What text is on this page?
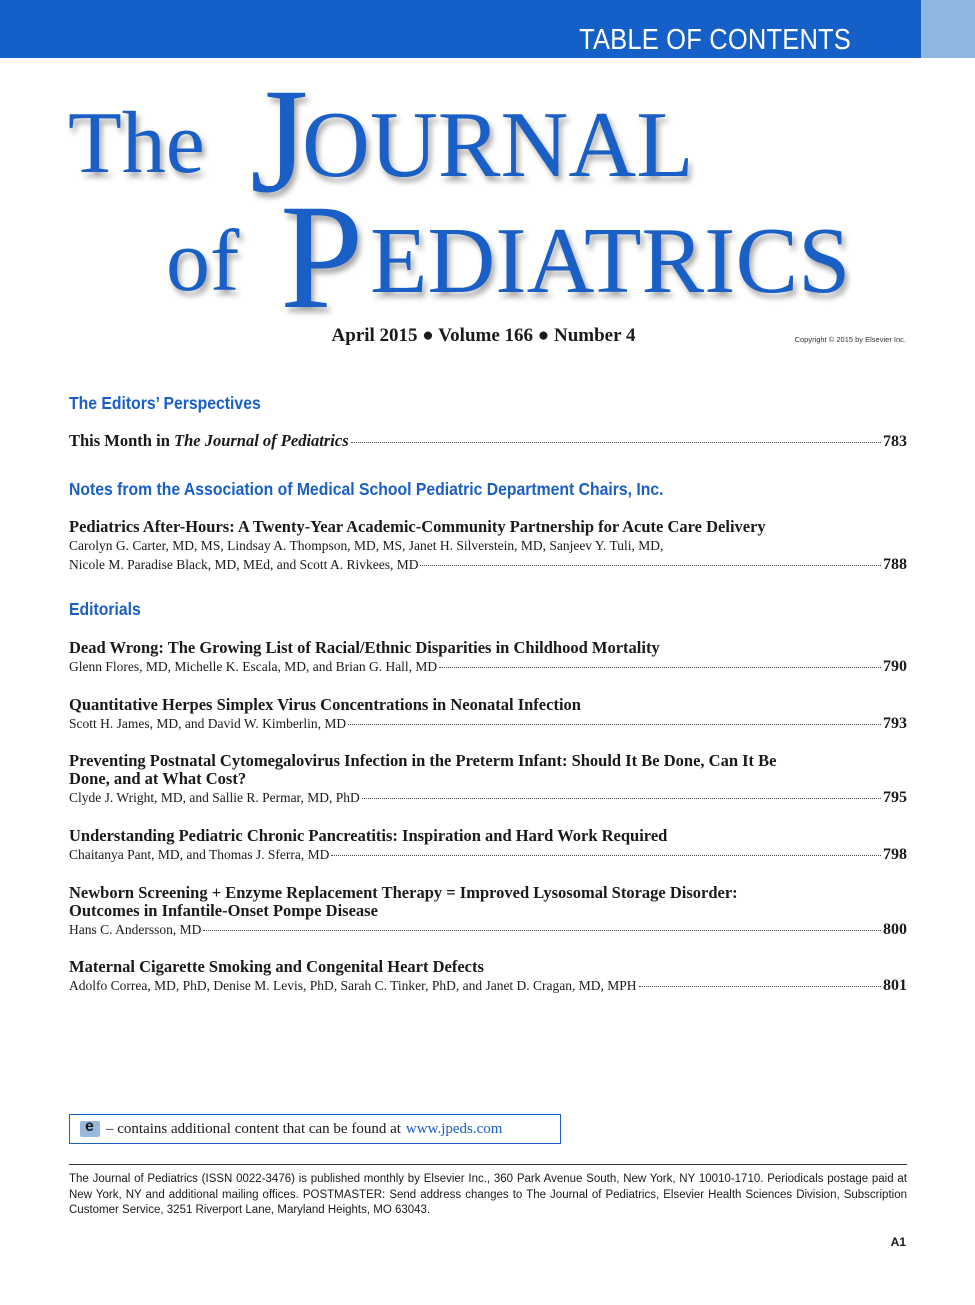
TABLE OF CONTENTS
The J
OURNAL
of P EDIATRICS
April 2015 ● Volume 166 ● Number 4	Copyright © 2015 by Elsevier Inc.
The Editors’ Perspectives
This Month in The Journal of Pediatrics	783
Notes from the Association of Medical School Pediatric Department Chairs, Inc.
Pediatrics After-Hours: A Twenty-Year Academic-Community Partnership for Acute Care Delivery
Carolyn G. Carter, MD, MS, Lindsay A. Thompson, MD, MS, Janet H. Silverstein, MD, Sanjeev Y. Tuli, MD,
Nicole M. Paradise Black, MD, MEd, and Scott A. Rivkees, MD	788
Editorials
Dead Wrong: The Growing List of Racial/Ethnic Disparities in Childhood Mortality
Glenn Flores, MD, Michelle K. Escala, MD, and Brian G. Hall, MD	790
Quantitative Herpes Simplex Virus Concentrations in Neonatal Infection
Scott H. James, MD, and David W. Kimberlin, MD	793
Preventing Postnatal Cytomegalovirus Infection in the Preterm Infant: Should It Be Done, Can It Be
Done, and at What Cost?
Clyde J. Wright, MD, and Sallie R. Permar, MD, PhD	795
Understanding Pediatric Chronic Pancreatitis: Inspiration and Hard Work Required
Chaitanya Pant, MD, and Thomas J. Sferra, MD	798
Newborn Screening + Enzyme Replacement Therapy = Improved Lysosomal Storage Disorder:
Outcomes in Infantile-Onset Pompe Disease
Hans C. Andersson, MD	800
Maternal Cigarette Smoking and Congenital Heart Defects
Adolfo Correa, MD, PhD, Denise M. Levis, PhD, Sarah C. Tinker, PhD, and Janet D. Cragan, MD, MPH	801
e
– contains additional content that can be found at www.jpeds.com
The Journal of Pediatrics (ISSN 0022-3476) is published monthly by Elsevier Inc., 360 Park Avenue South, New York, NY 10010-1710. Periodicals postage paid at New York, NY and additional mailing offices. POSTMASTER: Send address changes to The Journal of Pediatrics, Elsevier Health Sciences Division, Subscription Customer Service, 3251 Riverport Lane, Maryland Heights, MO 63043.
A1
